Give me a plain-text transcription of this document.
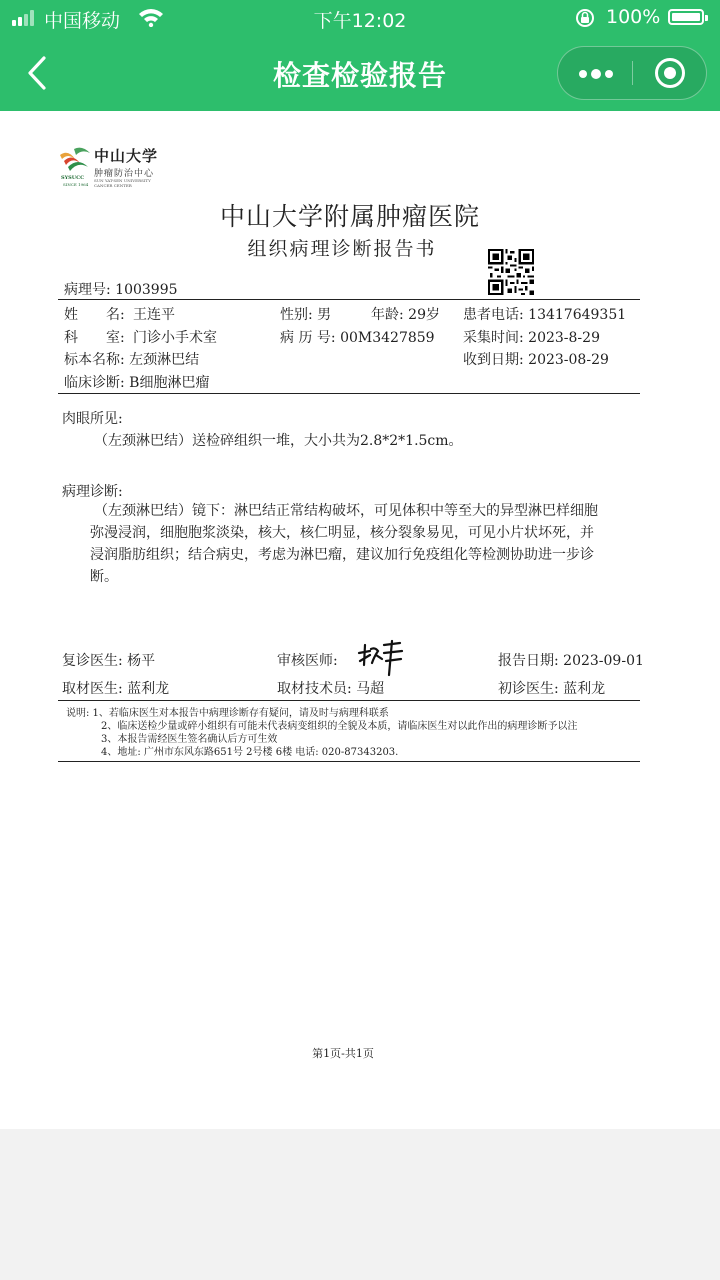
中国移动	下午12:02	100%
检查检验报告
SYSUCC
SINCE 1964
中山大学
肿瘤防治中心
SUN YAT-SEN UNIVERSITY CANCER CENTER
中山大学附属肿瘤医院
组织病理诊断报告书
病理号: 1003995
姓　　名: 王连平	性别: 男	年龄: 29岁 患者电话: 13417649351
科　　室: 门诊小手术室	病 历 号: 00M3427859 采集时间: 2023-8-29
标本名称: 左颈淋巴结	收到日期: 2023-08-29
临床诊断: B细胞淋巴瘤
肉眼所见:
（左颈淋巴结）送检碎组织一堆，大小共为2.8*2*1.5cm。
病理诊断:
（左颈淋巴结）镜下：淋巴结正常结构破坏，可见体积中等至大的异型淋巴样细胞
弥漫浸润，细胞胞浆淡染，核大，核仁明显，核分裂象易见，可见小片状坏死，并
浸润脂肪组织；结合病史，考虑为淋巴瘤，建议加行免疫组化等检测协助进一步诊
断。
复诊医生: 杨平	审核医师:	报告日期: 2023-09-01
取材医生: 蓝利龙	取材技术员: 马超	初诊医生: 蓝利龙
说明: 1、若临床医生对本报告中病理诊断存有疑问，请及时与病理科联系
2、临床送检少量或碎小组织有可能未代表病变组织的全貌及本质，请临床医生对以此作出的病理诊断予以注
3、本报告需经医生签名确认后方可生效
4、地址: 广州市东风东路651号 2号楼 6楼 电话: 020-87343203.
第1页-共1页
